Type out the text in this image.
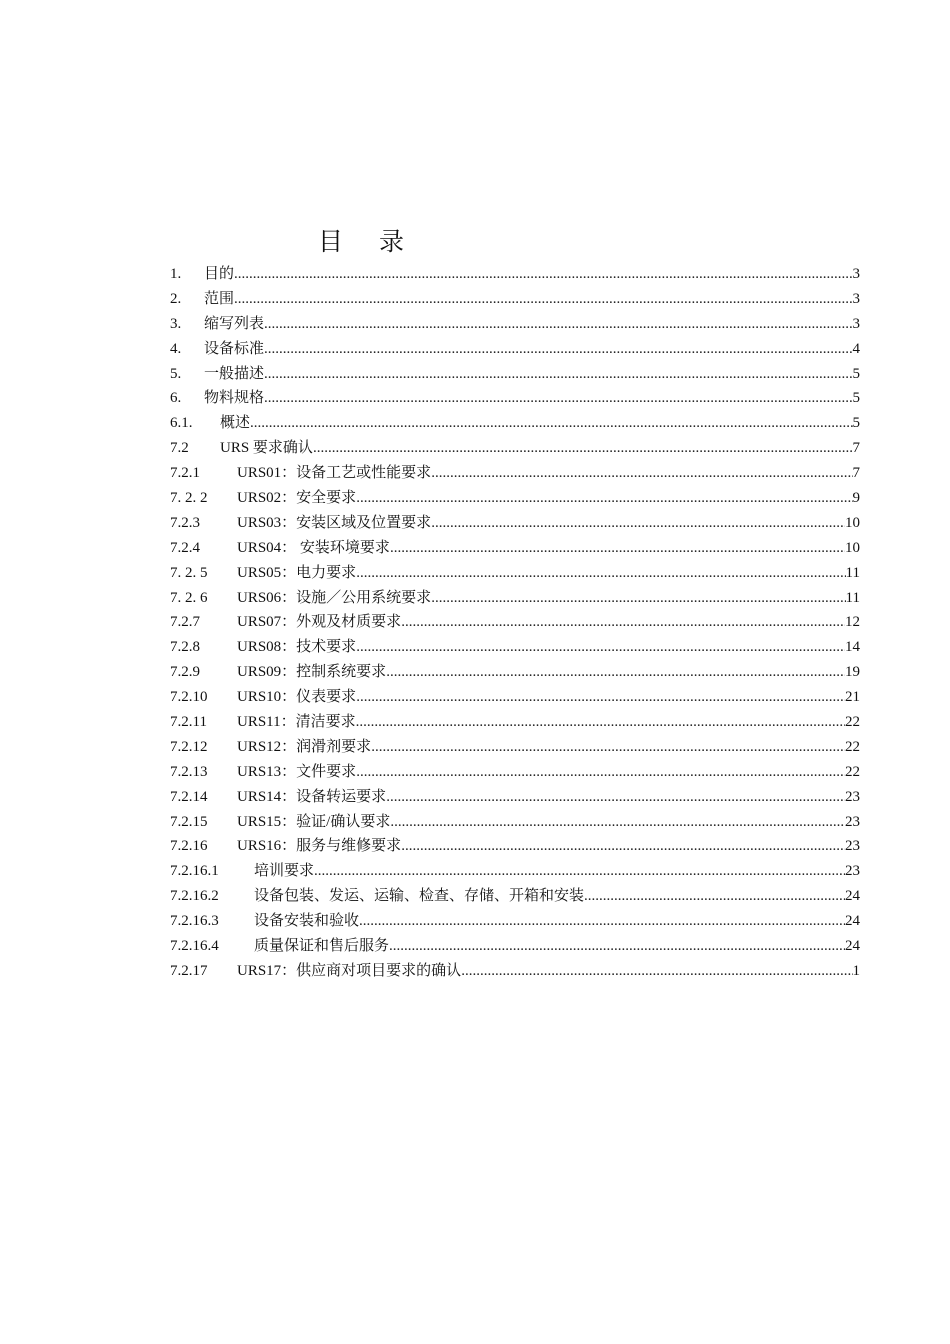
目 录
1.	目的 .....	3
2.	范围 .....	3
3.	缩写列表 .....	3
4.	设备标准 .....	4
5.	一般描述 .....	5
6.	物料规格 .....	5
6.1.	概述 .....	5
7.2	URS 要求确认 .....	7
7.2.1	URS01：设备工艺或性能要求 .....	7
7. 2. 2	URS02：安全要求 .....	9
7.2.3	URS03：安装区域及位置要求 .....	10
7.2.4	URS04： 安装环境要求 .....	10
7. 2. 5	URS05：电力要求 .....	11
7. 2. 6	URS06：设施／公用系统要求 .....	11
7.2.7	URS07：外观及材质要求 .....	12
7.2.8	URS08：技术要求 .....	14
7.2.9	URS09：控制系统要求 .....	19
7.2.10	URS10：仪表要求 .....	21
7.2.11	URS11：清洁要求 .....	22
7.2.12	URS12：润滑剂要求 .....	22
7.2.13	URS13：文件要求 .....	22
7.2.14	URS14：设备转运要求 .....	23
7.2.15	URS15：验证/确认要求 .....	23
7.2.16	URS16：服务与维修要求 .....	23
7.2.16.1	培训要求 .....	23
7.2.16.2	设备包装、发运、运输、检查、存储、开箱和安装 .....	24
7.2.16.3	设备安装和验收 .....	24
7.2.16.4	质量保证和售后服务 .....	24
7.2.17	URS17：供应商对项目要求的确认 .....	1
